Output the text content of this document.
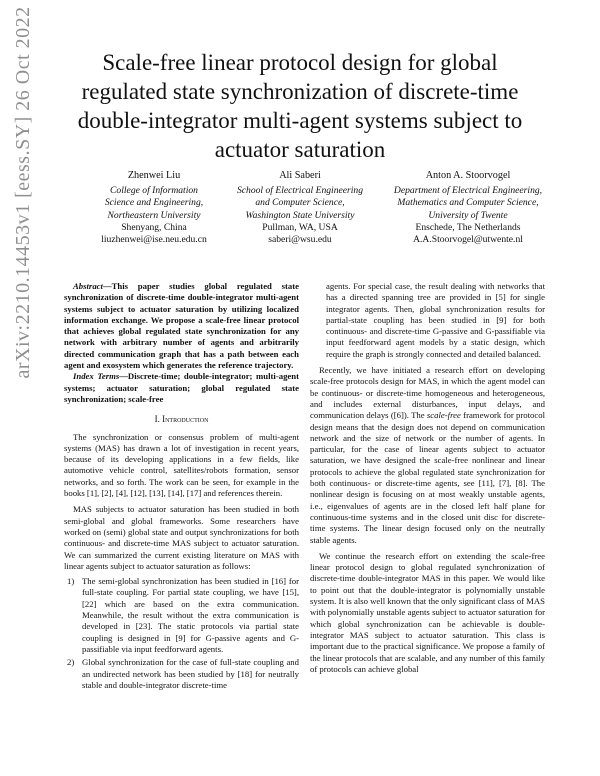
arXiv:2210.14453v1 [eess.SY] 26 Oct 2022	Scale-free linear protocol design for global regulated state synchronization of discrete-time double-integrator multi-agent systems subject to actuator saturation
Zhenwei Liu
College of Information
Science and Engineering,
Northeastern University
Shenyang, China
liuzhenwei@ise.neu.edu.cn
Ali Saberi
School of Electrical Engineering
and Computer Science,
Washington State University
Pullman, WA, USA
saberi@wsu.edu
Anton A. Stoorvogel
Department of Electrical Engineering,
Mathematics and Computer Science,
University of Twente
Enschede, The Netherlands
A.A.Stoorvogel@utwente.nl

Abstract—This paper studies global regulated state synchronization of discrete-time double-integrator multi-agent systems subject to actuator saturation by utilizing localized information exchange. We propose a scale-free linear protocol that achieves global regulated state synchronization for any network with arbitrary number of agents and arbitrarily directed communication graph that has a path between each agent and exosystem which generates the reference trajectory.

Index Terms—Discrete-time; double-integrator; multi-agent systems; actuator saturation; global regulated state synchronization; scale-free

I. Introduction

The synchronization or consensus problem of multi-agent systems (MAS) has drawn a lot of investigation in recent years, because of its developing applications in a few fields, like automotive vehicle control, satellites/robots formation, sensor networks, and so forth. The work can be seen, for example in the books [1], [2], [4], [12], [13], [14], [17] and references therein.

MAS subjects to actuator saturation has been studied in both semi-global and global frameworks. Some researchers have worked on (semi) global state and output synchronizations for both continuous- and discrete-time MAS subject to actuator saturation. We can summarized the current existing literature on MAS with linear agents subject to actuator saturation as follows:

1) The semi-global synchronization has been studied in [16] for full-state coupling. For partial state coupling, we have [15], [22] which are based on the extra communication. Meanwhile, the result without the extra communication is developed in [23]. The static protocols via partial state coupling is designed in [9] for G-passive agents and G-passifiable via input feedforward agents.
2) Global synchronization for the case of full-state coupling and an undirected network has been studied by [18] for neutrally stable and double-integrator discrete-time

agents. For special case, the result dealing with networks that has a directed spanning tree are provided in [5] for single integrator agents. Then, global synchronization results for partial-state coupling has been studied in [9] for both continuous- and discrete-time G-passive and G-passifiable via input feedforward agent models by a static design, which require the graph is strongly connected and detailed balanced.

Recently, we have initiated a research effort on developing scale-free protocols design for MAS, in which the agent model can be continuous- or discrete-time homogeneous and heterogeneous, and includes external disturbances, input delays, and communication delays ([6]). The scale-free framework for protocol design means that the design does not depend on communication network and the size of network or the number of agents. In particular, for the case of linear agents subject to actuator saturation, we have designed the scale-free nonlinear and linear protocols to achieve the global regulated state synchronization for both continuous- or discrete-time agents, see [11], [7], [8]. The nonlinear design is focusing on at most weakly unstable agents, i.e., eigenvalues of agents are in the closed left half plane for continuous-time systems and in the closed unit disc for discrete-time systems. The linear design focused only on the neutrally stable agents.

We continue the research effort on extending the scale-free linear protocol design to global regulated synchronization of discrete-time double-integrator MAS in this paper. We would like to point out that the double-integrator is polynomially unstable system. It is also well known that the only significant class of MAS with polynomially unstable agents subject to actuator saturation for which global synchronization can be achievable is double-integrator MAS subject to actuator saturation. This class is important due to the practical significance. We propose a family of the linear protocols that are scalable, and any number of this family of protocols can achieve global
